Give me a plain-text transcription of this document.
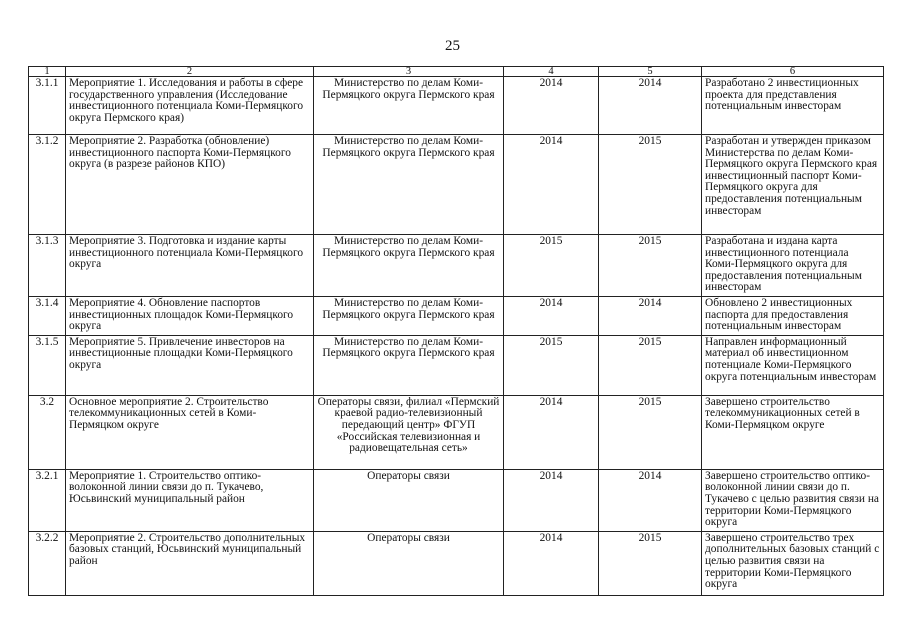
25
1	2	3	4	5	6
3.1.1	Мероприятие 1. Исследования и работы в сфере государственного управления (Исследование инвестиционного потенциала Коми-Пермяцкого округа Пермского края)	Министерство по делам Коми-Пермяцкого округа Пермского края	2014	2014	Разработано 2 инвестиционных проекта для представления потенциальным инвесторам
3.1.2	Мероприятие 2. Разработка (обновление) инвестиционного паспорта Коми-Пермяцкого округа (в разрезе районов КПО)	Министерство по делам Коми-Пермяцкого округа Пермского края	2014	2015	Разработан и утвержден приказом Министерства по делам Коми-Пермяцкого округа Пермского края инвестиционный паспорт Коми-Пермяцкого округа для предоставления потенциальным инвесторам
3.1.3	Мероприятие 3. Подготовка и издание карты инвестиционного потенциала Коми-Пермяцкого округа	Министерство по делам Коми-Пермяцкого округа Пермского края	2015	2015	Разработана и издана карта инвестиционного потенциала Коми-Пермяцкого округа для предоставления потенциальным инвесторам
3.1.4	Мероприятие 4. Обновление паспортов инвестиционных площадок Коми-Пермяцкого округа	Министерство по делам Коми-Пермяцкого округа Пермского края	2014	2014	Обновлено 2 инвестиционных паспорта для предоставления потенциальным инвесторам
3.1.5	Мероприятие 5. Привлечение инвесторов на инвестиционные площадки Коми-Пермяцкого округа	Министерство по делам Коми-Пермяцкого округа Пермского края	2015	2015	Направлен информационный материал об инвестиционном потенциале Коми-Пермяцкого округа потенциальным инвесторам
3.2	Основное мероприятие 2. Строительство телекоммуникационных сетей в Коми-Пермяцком округе	Операторы связи, филиал «Пермский краевой радио-телевизионный передающий центр» ФГУП «Российская телевизионная и радиовещательная сеть»	2014	2015	Завершено строительство телекоммуникационных сетей в Коми-Пермяцком округе
3.2.1	Мероприятие 1. Строительство оптико-волоконной линии связи до п. Тукачево, Юсьвинский муниципальный район	Операторы связи	2014	2014	Завершено строительство оптико-волоконной линии связи до п. Тукачево с целью развития связи на территории Коми-Пермяцкого округа
3.2.2	Мероприятие 2. Строительство дополнительных базовых станций, Юсьвинский муниципальный район	Операторы связи	2014	2015	Завершено строительство трех дополнительных базовых станций с целью развития связи на территории Коми-Пермяцкого округа
